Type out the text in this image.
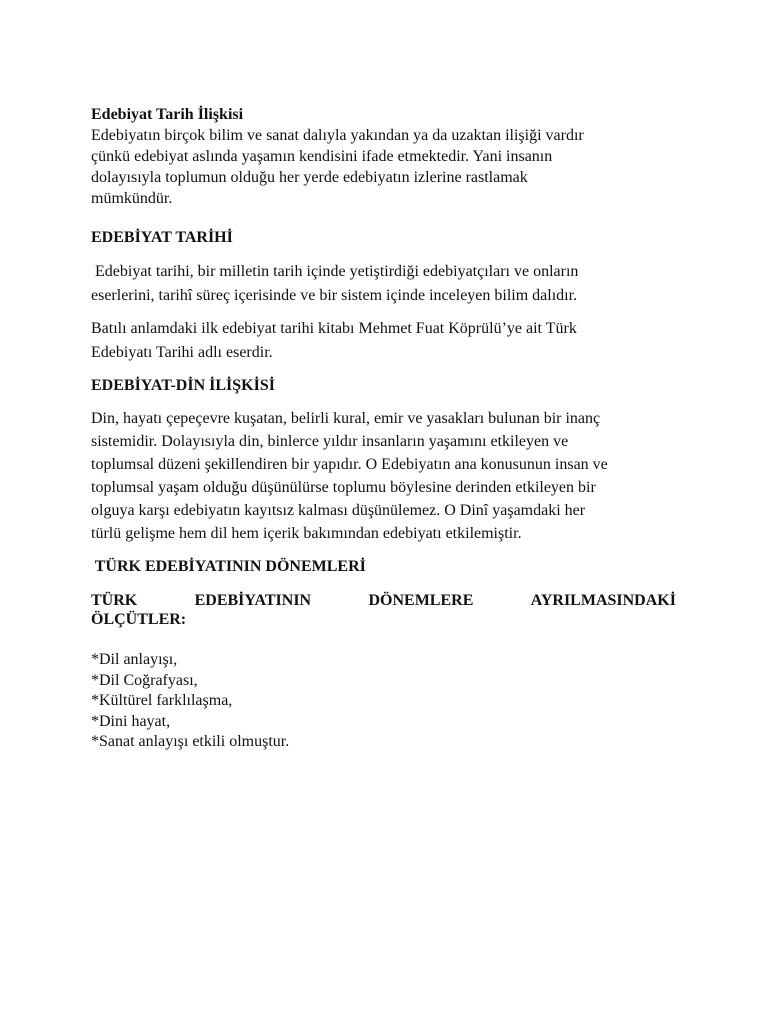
Edebiyat Tarih İlişkisi
Edebiyatın birçok bilim ve sanat dalıyla yakından ya da uzaktan ilişiği vardır
çünkü edebiyat aslında yaşamın kendisini ifade etmektedir. Yani insanın
dolayısıyla toplumun olduğu her yerde edebiyatın izlerine rastlamak
mümkündür.

EDEBİYAT TARİHİ

Edebiyat tarihi, bir milletin tarih içinde yetiştirdiği edebiyatçıları ve onların
eserlerini, tarihî süreç içerisinde ve bir sistem içinde inceleyen bilim dalıdır.

Batılı anlamdaki ilk edebiyat tarihi kitabı Mehmet Fuat Köprülü’ye ait Türk
Edebiyatı Tarihi adlı eserdir.

EDEBİYAT-DİN İLİŞKİSİ

Din, hayatı çepeçevre kuşatan, belirli kural, emir ve yasakları bulunan bir inanç
sistemidir. Dolayısıyla din, binlerce yıldır insanların yaşamını etkileyen ve
toplumsal düzeni şekillendiren bir yapıdır. O Edebiyatın ana konusunun insan ve
toplumsal yaşam olduğu düşünülürse toplumu böylesine derinden etkileyen bir
olguya karşı edebiyatın kayıtsız kalması düşünülemez. O Dinî yaşamdaki her
türlü gelişme hem dil hem içerik bakımından edebiyatı etkilemiştir.

TÜRK EDEBİYATININ DÖNEMLERİ
TÜRK	EDEBİYATININ	DÖNEMLERE	AYRILMASINDAKİ
ÖLÇÜTLER:
*Dil anlayışı,
*Dil Coğrafyası,
*Kültürel farklılaşma,
*Dini hayat,
*Sanat anlayışı etkili olmuştur.
